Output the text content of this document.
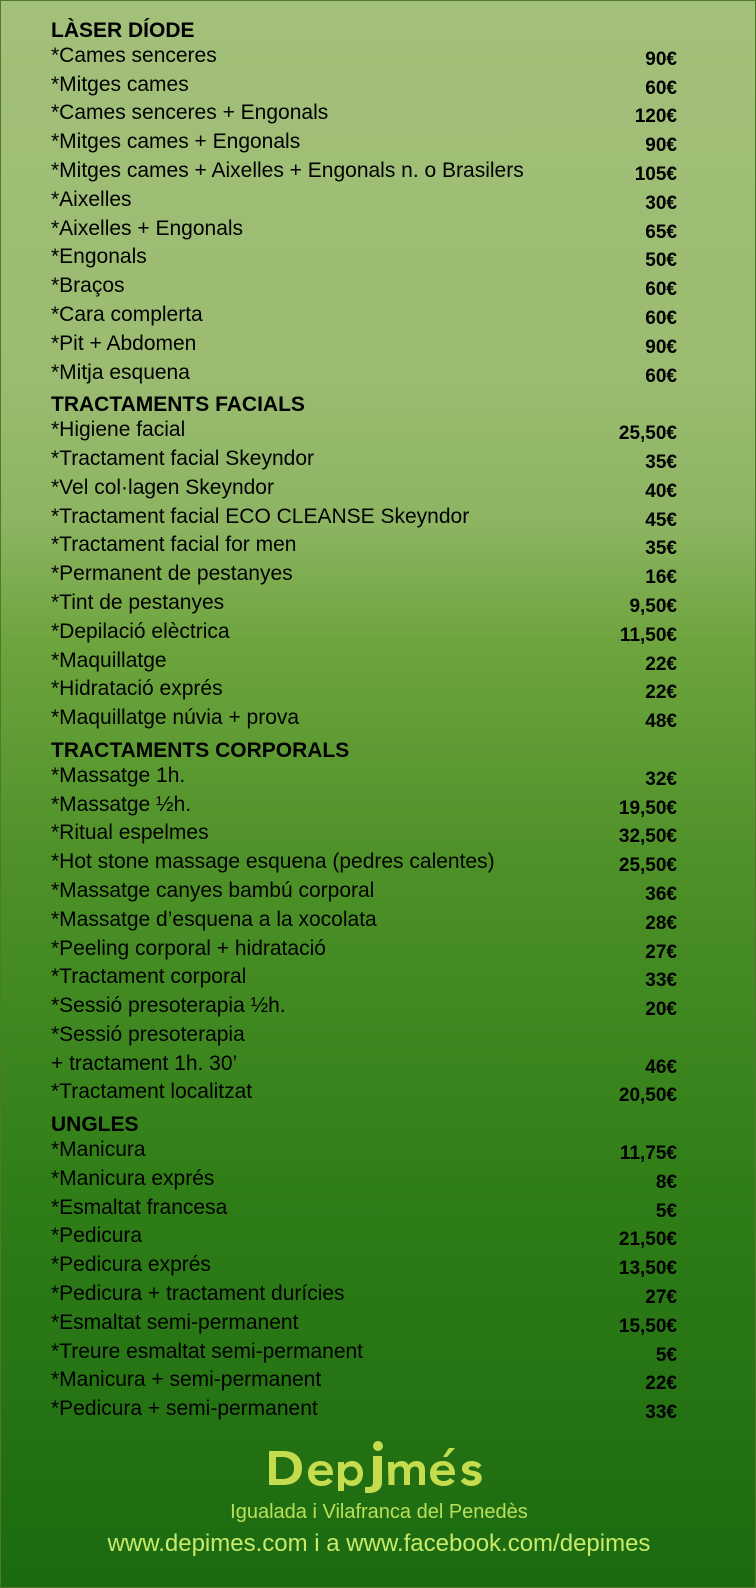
LÀSER DÍODE
*Cames senceres	90€
*Mitges cames	60€
*Cames senceres + Engonals	120€
*Mitges cames + Engonals	90€
*Mitges cames + Aixelles + Engonals n. o Brasilers	105€
*Aixelles	30€
*Aixelles + Engonals	65€
*Engonals	50€
*Braços	60€
*Cara complerta	60€
*Pit + Abdomen	90€
*Mitja esquena	60€
TRACTAMENTS FACIALS
*Higiene facial	25,50€
*Tractament facial Skeyndor	35€
*Vel col·lagen Skeyndor	40€
*Tractament facial ECO CLEANSE Skeyndor	45€
*Tractament facial for men	35€
*Permanent de pestanyes	16€
*Tint de pestanyes	9,50€
*Depilació elèctrica	11,50€
*Maquillatge	22€
*Hidratació exprés	22€
*Maquillatge núvia + prova	48€
TRACTAMENTS CORPORALS
*Massatge 1h.	32€
*Massatge ½h.	19,50€
*Ritual espelmes	32,50€
*Hot stone massage esquena (pedres calentes)	25,50€
*Massatge canyes bambú corporal	36€
*Massatge d’esquena a la xocolata	28€
*Peeling corporal + hidratació	27€
*Tractament corporal	33€
*Sessió presoterapia ½h.	20€
*Sessió presoterapia
+ tractament 1h. 30’	46€
*Tractament localitzat	20,50€
UNGLES
*Manicura	11,75€
*Manicura exprés	8€
*Esmaltat francesa	5€
*Pedicura	21,50€
*Pedicura exprés	13,50€
*Pedicura + tractament durícies	27€
*Esmaltat semi-permanent	15,50€
*Treure esmaltat semi-permanent	5€
*Manicura + semi-permanent	22€
*Pedicura + semi-permanent	33€
Igualada i Vilafranca del Penedès
www.depimes.com i a www.facebook.com/depimes
